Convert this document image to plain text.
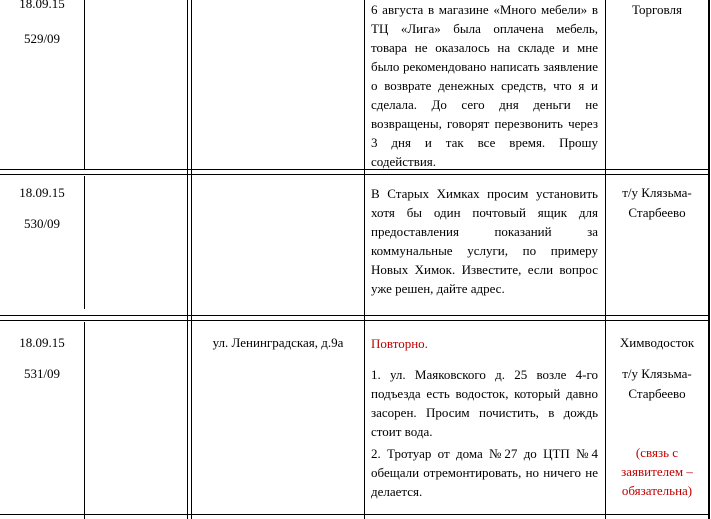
18.09.15
529/09
6 августа в магазине «Много мебели» в ТЦ «Лига» была оплачена мебель, товара не оказалось на складе и мне было рекомендовано написать заявление о возврате денежных средств, что я и сделала. До сего дня деньги не возвращены, говорят перезвонить через 3 дня и так все время. Прошу содействия.
Торговля
18.09.15
530/09
В Старых Химках просим установить хотя бы один почтовый ящик для предоставления показаний за коммунальные услуги, по примеру Новых Химок. Известите, если вопрос уже решен, дайте адрес.
т/у Клязьма-Старбеево
18.09.15
531/09
ул. Ленинградская, д.9а	Повторно.
1. ул. Маяковского д. 25 возле 4-го подъезда есть водосток, который давно засорен. Просим почистить, в дождь стоит вода.
2. Тротуар от дома №27 до ЦТП №4 обещали отремонтировать, но ничего не делается.
Химводосток
т/у Клязьма-Старбеево
(связь с заявителем – обязательна)
